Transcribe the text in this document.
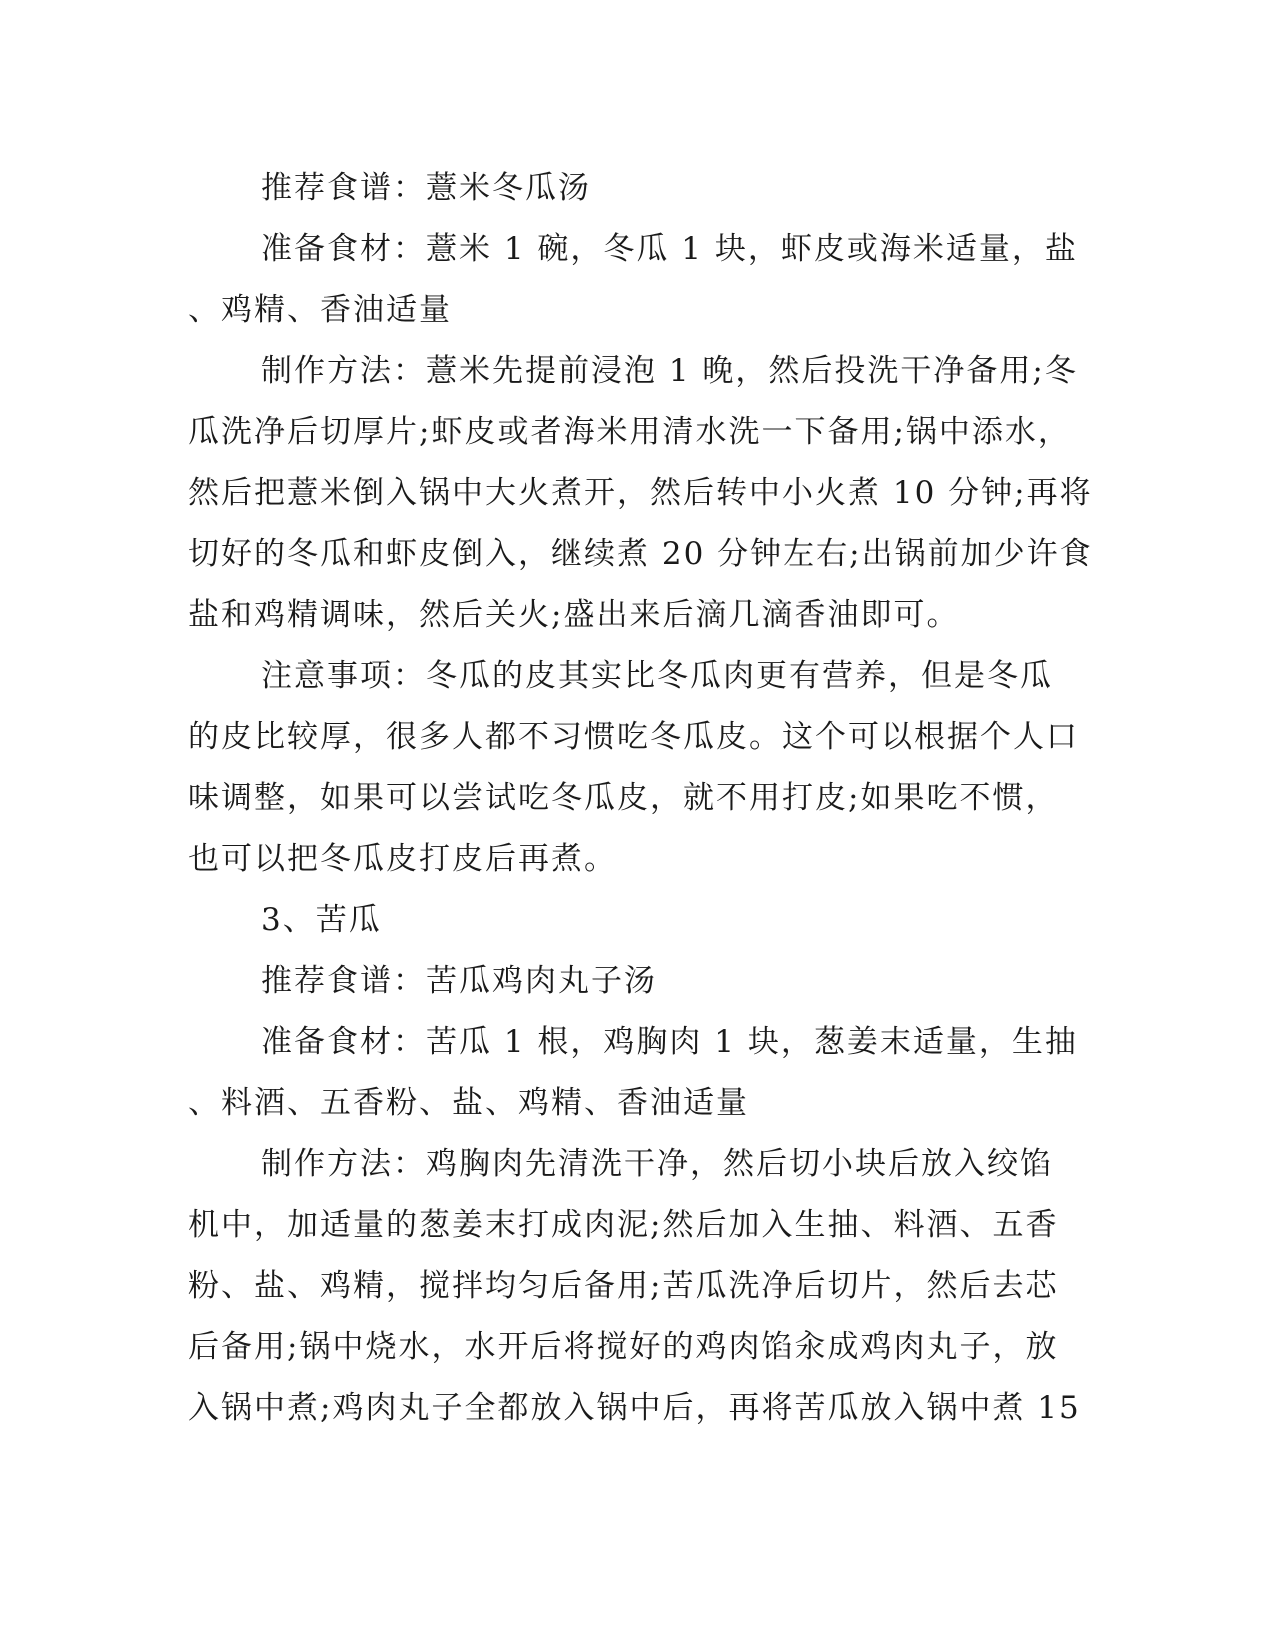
推荐食谱：薏米冬瓜汤
准备食材：薏米 1 碗，冬瓜 1 块，虾皮或海米适量，盐
、鸡精、香油适量
制作方法：薏米先提前浸泡 1 晚，然后投洗干净备用;冬
瓜洗净后切厚片;虾皮或者海米用清水洗一下备用;锅中添水，
然后把薏米倒入锅中大火煮开，然后转中小火煮 10 分钟;再将
切好的冬瓜和虾皮倒入，继续煮 20 分钟左右;出锅前加少许食
盐和鸡精调味，然后关火;盛出来后滴几滴香油即可。
注意事项：冬瓜的皮其实比冬瓜肉更有营养，但是冬瓜
的皮比较厚，很多人都不习惯吃冬瓜皮。这个可以根据个人口
味调整，如果可以尝试吃冬瓜皮，就不用打皮;如果吃不惯，
也可以把冬瓜皮打皮后再煮。
3、苦瓜
推荐食谱：苦瓜鸡肉丸子汤
准备食材：苦瓜 1 根，鸡胸肉 1 块，葱姜末适量，生抽
、料酒、五香粉、盐、鸡精、香油适量
制作方法：鸡胸肉先清洗干净，然后切小块后放入绞馅
机中，加适量的葱姜末打成肉泥;然后加入生抽、料酒、五香
粉、盐、鸡精，搅拌均匀后备用;苦瓜洗净后切片，然后去芯
后备用;锅中烧水，水开后将搅好的鸡肉馅汆成鸡肉丸子，放
入锅中煮;鸡肉丸子全都放入锅中后，再将苦瓜放入锅中煮 15
